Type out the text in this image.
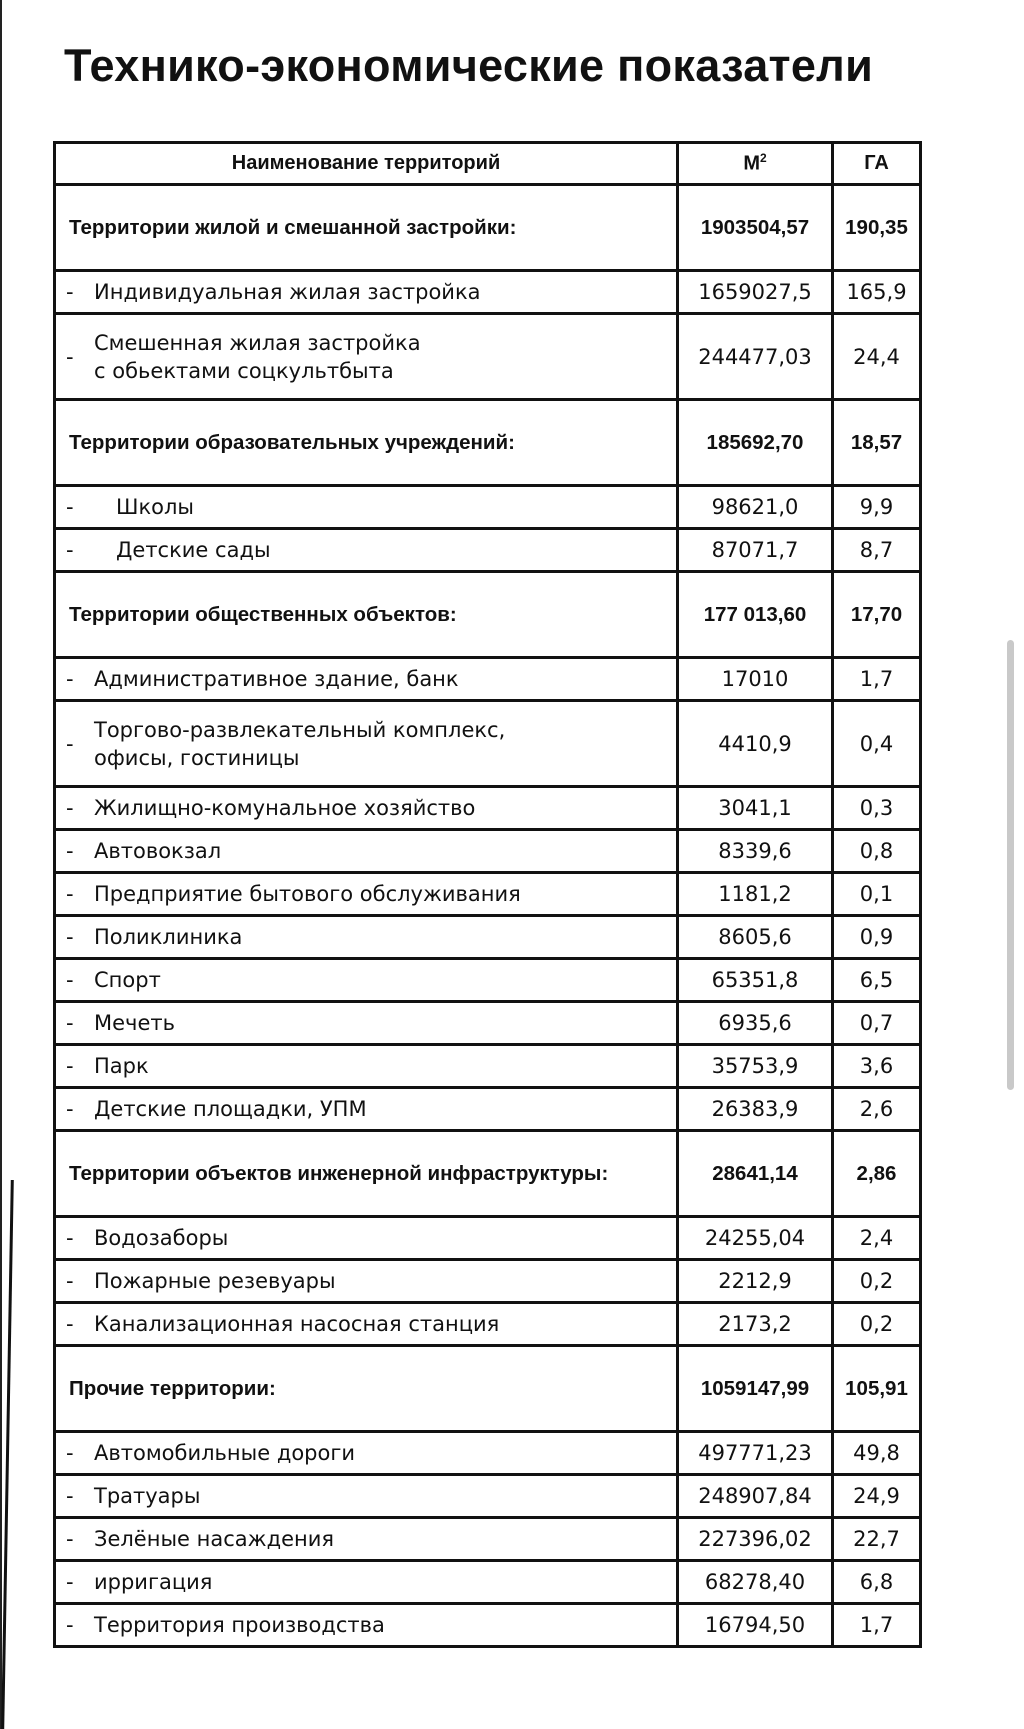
Технико-экономические показатели
Наименование территорий	$М^2$	ГА
Территории жилой и смешанной застройки:	1903504,57	190,35

- Индивидуальная жилая застройка	1659027,5	165,9

-
Смешенная жилая застройка
с обьектами соцкультбыта	244477,03	24,4
Территории образовательных учреждений:	185692,70	18,57

- Школы	98621,0	9,9

- Детские сады	87071,7	8,7
Территории общественных объектов:	177 013,60	17,70

- Административное здание, банк	17010	1,7

-
Торгово-развлекательный комплекс,
офисы, гостиницы	4410,9	0,4

- Жилищно-комунальное хозяйство	3041,1	0,3

- Автовокзал	8339,6	0,8

- Предприятие бытового обслуживания	1181,2	0,1

- Поликлиника	8605,6	0,9

- Спорт	65351,8	6,5

- Мечеть	6935,6	0,7

- Парк	35753,9	3,6

- Детские площадки, УПМ	26383,9	2,6
Территории объектов инженерной инфраструктуры:	28641,14	2,86

- Водозаборы	24255,04	2,4

- Пожарные резевуары	2212,9	0,2

- Канализационная насосная станция	2173,2	0,2
Прочие территории:	1059147,99	105,91

- Автомобильные дороги	497771,23	49,8

- Тратуары	248907,84	24,9

- Зелёные насаждения	227396,02	22,7

- ирригация	68278,40	6,8

- Территория производства	16794,50	1,7
